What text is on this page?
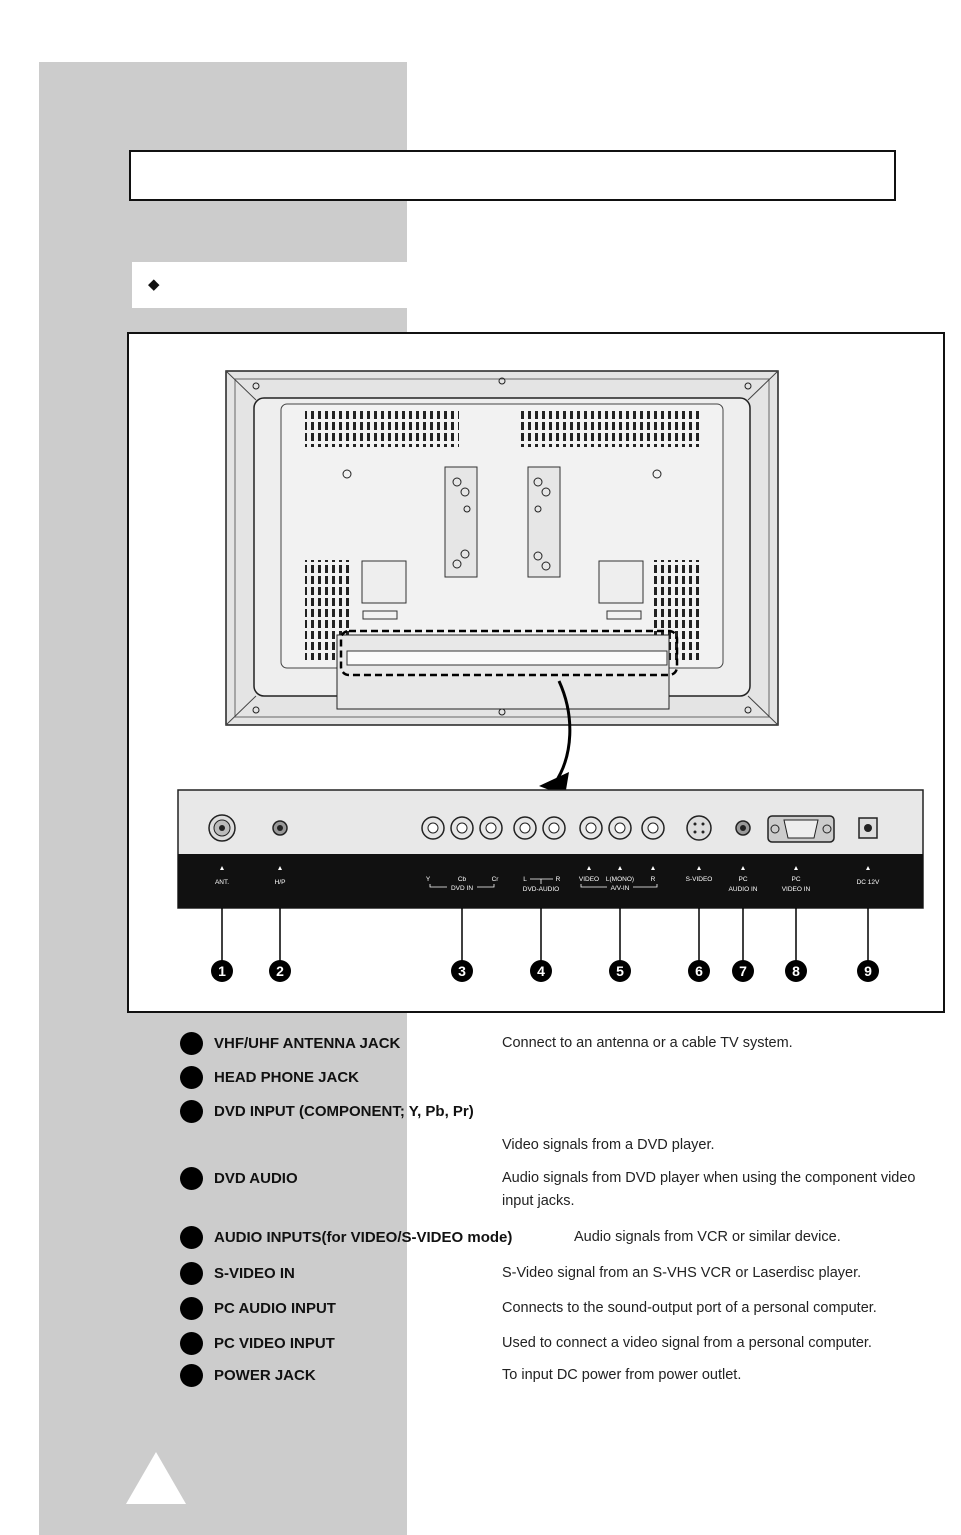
◆
ANT.	H/P	Y	Cb	Cr
DVD IN
L	R
DVD-AUDIO
VIDEO L(MONO)	R
A/V-IN
S-VIDEO	PC
AUDIO IN
PC
VIDEO IN
DC 12V
1	2	3	4	5	6	7	8	9
VHF/UHF ANTENNA JACK	Connect to an antenna or a cable TV system.
HEAD PHONE JACK
DVD INPUT (COMPONENT; Y, Pb, Pr)
Video signals from a DVD player.
DVD AUDIO	Audio signals from DVD player when using the component video
input jacks.
AUDIO INPUTS(for VIDEO/S-VIDEO mode)	Audio signals from VCR or similar device.
S-VIDEO IN	S-Video signal from an S-VHS VCR or Laserdisc player.
PC AUDIO INPUT	Connects to the sound-output port of a personal computer.
PC VIDEO INPUT	Used to connect a video signal from a personal computer.
POWER JACK	To input DC power from power outlet.
